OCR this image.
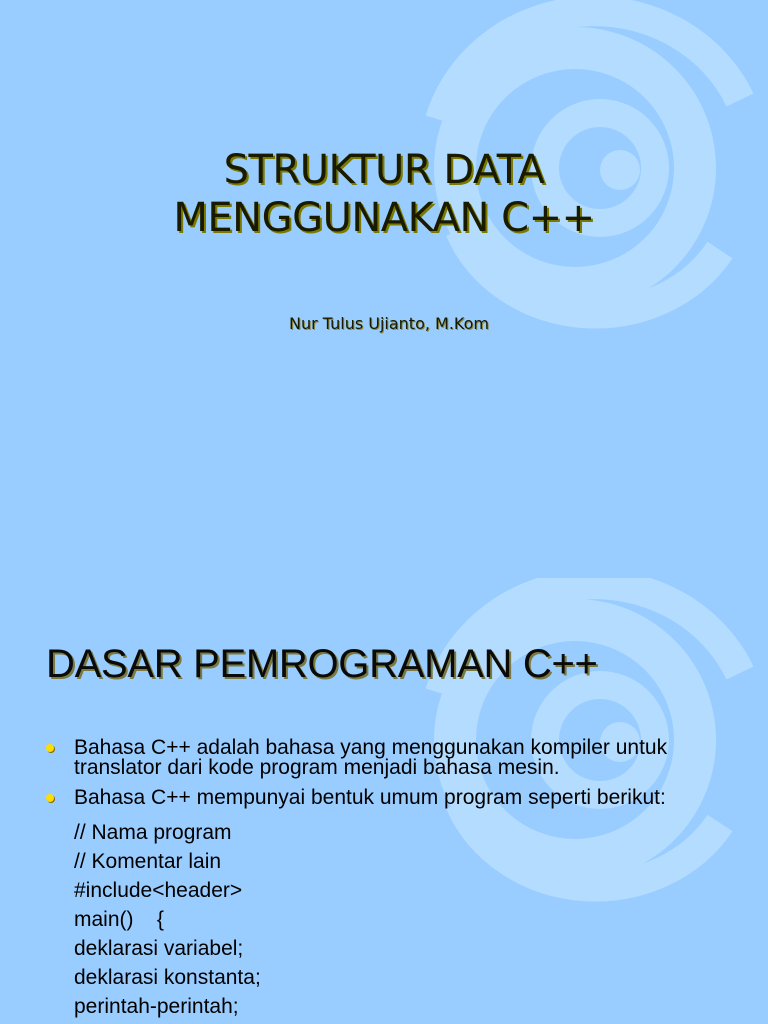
STRUKTUR DATA
MENGGUNAKAN C++
Nur Tulus Ujianto, M.Kom
DASAR PEMROGRAMAN C++
Bahasa C++ adalah bahasa yang menggunakan kompiler untuk translator dari kode program menjadi bahasa mesin.
Bahasa C++ mempunyai bentuk umum program seperti berikut:
// Nama program
// Komentar lain
#include<header>
main()    {
deklarasi variabel;
deklarasi konstanta;
perintah-perintah;
